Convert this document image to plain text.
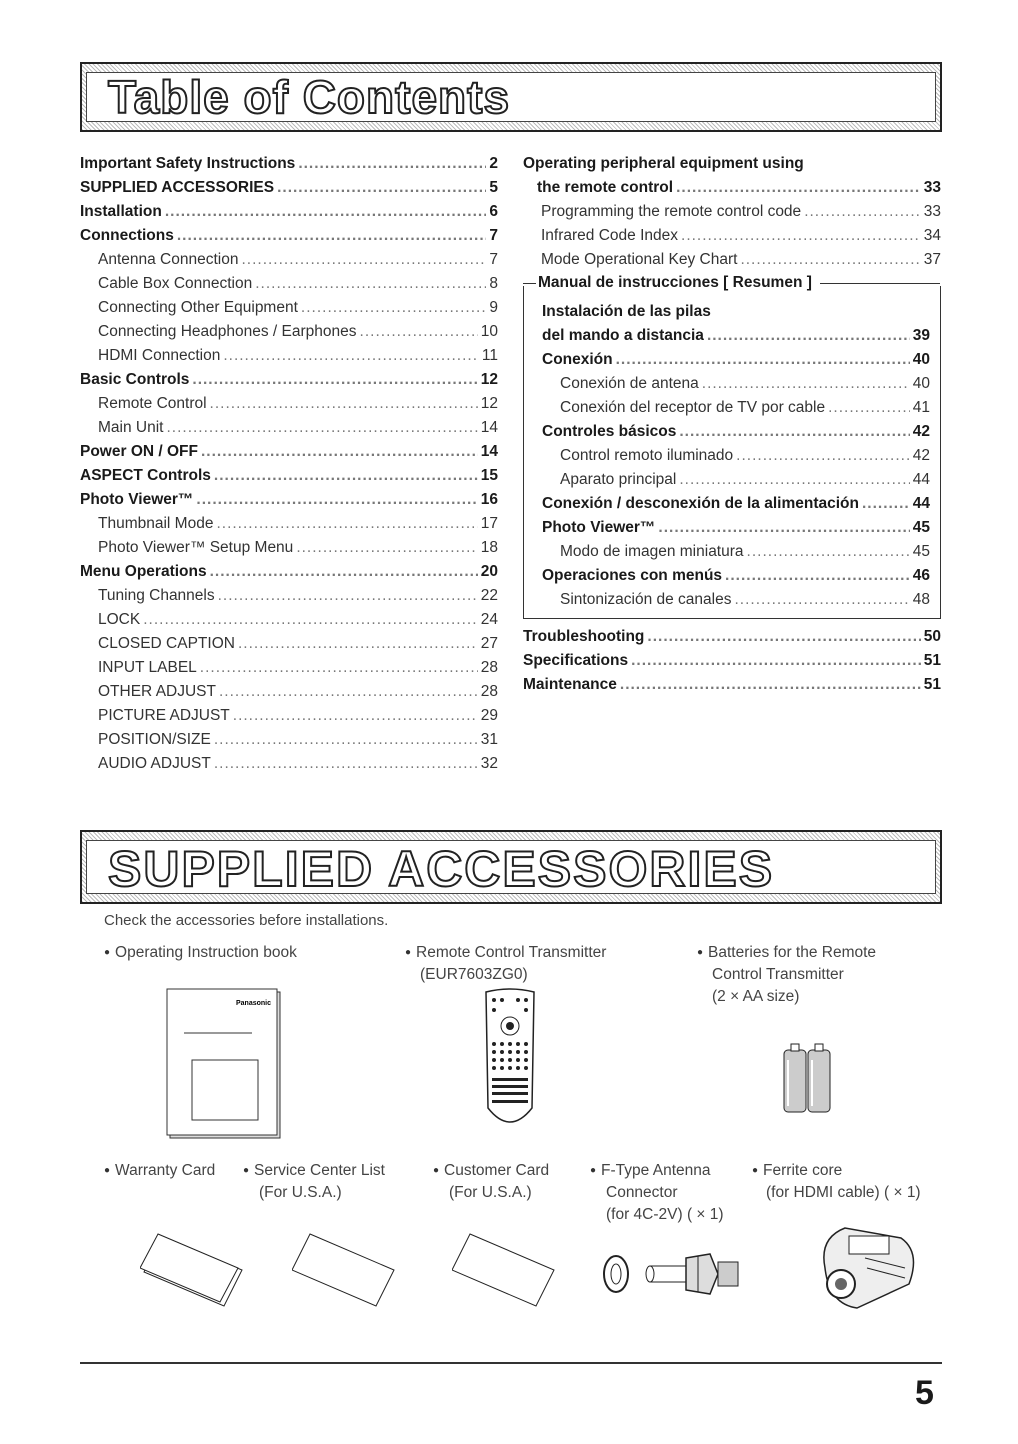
Table of Contents
Important Safety Instructions .....	2
SUPPLIED ACCESSORIES .....	5
Installation .....	6
Connections .....	7
Antenna Connection .....	7
Cable Box Connection .....	8
Connecting Other Equipment .....	9
Connecting Headphones / Earphones .....	10
HDMI Connection .....	11
Basic Controls .....	12
Remote Control .....	12
Main Unit .....	14
Power ON / OFF .....	14
ASPECT Controls .....	15
Photo Viewer™ .....	16
Thumbnail Mode .....	17
Photo Viewer™ Setup Menu .....	18
Menu Operations .....	20
Tuning Channels .....	22
LOCK .....	24
CLOSED CAPTION .....	27
INPUT LABEL .....	28
OTHER ADJUST .....	28
PICTURE ADJUST .....	29
POSITION/SIZE .....	31
AUDIO ADJUST .....	32
Operating peripheral equipment using
the remote control .....	33
Programming the remote control code .....	33
Infrared Code Index .....	34
Mode Operational Key Chart .....	37
Manual de instrucciones [ Resumen ]
Instalación de las pilas
del mando a distancia .....	39
Conexión .....	40
Conexión de antena .....	40
Conexión del receptor de TV por cable .....	41
Controles básicos .....	42
Control remoto iluminado .....	42
Aparato principal .....	44
Conexión / desconexión de la alimentación .....	44
Photo Viewer™ .....	45
Modo de imagen miniatura .....	45
Operaciones con menús .....	46
Sintonización de canales .....	48
Troubleshooting .....	50
Specifications .....	51
Maintenance .....	51
SUPPLIED ACCESSORIES
Check the accessories before installations.
● Operating Instruction book	● Remote Control Transmitter
(EUR7603ZG0)
● Batteries for the Remote
Control Transmitter
(2 × AA size)
Panasonic
● Warranty Card	● Service Center List
(For U.S.A.)
● Customer Card
(For U.S.A.)
● F-Type Antenna
Connector
(for 4C-2V) ( × 1)
● Ferrite core
(for HDMI cable) ( × 1)
5
